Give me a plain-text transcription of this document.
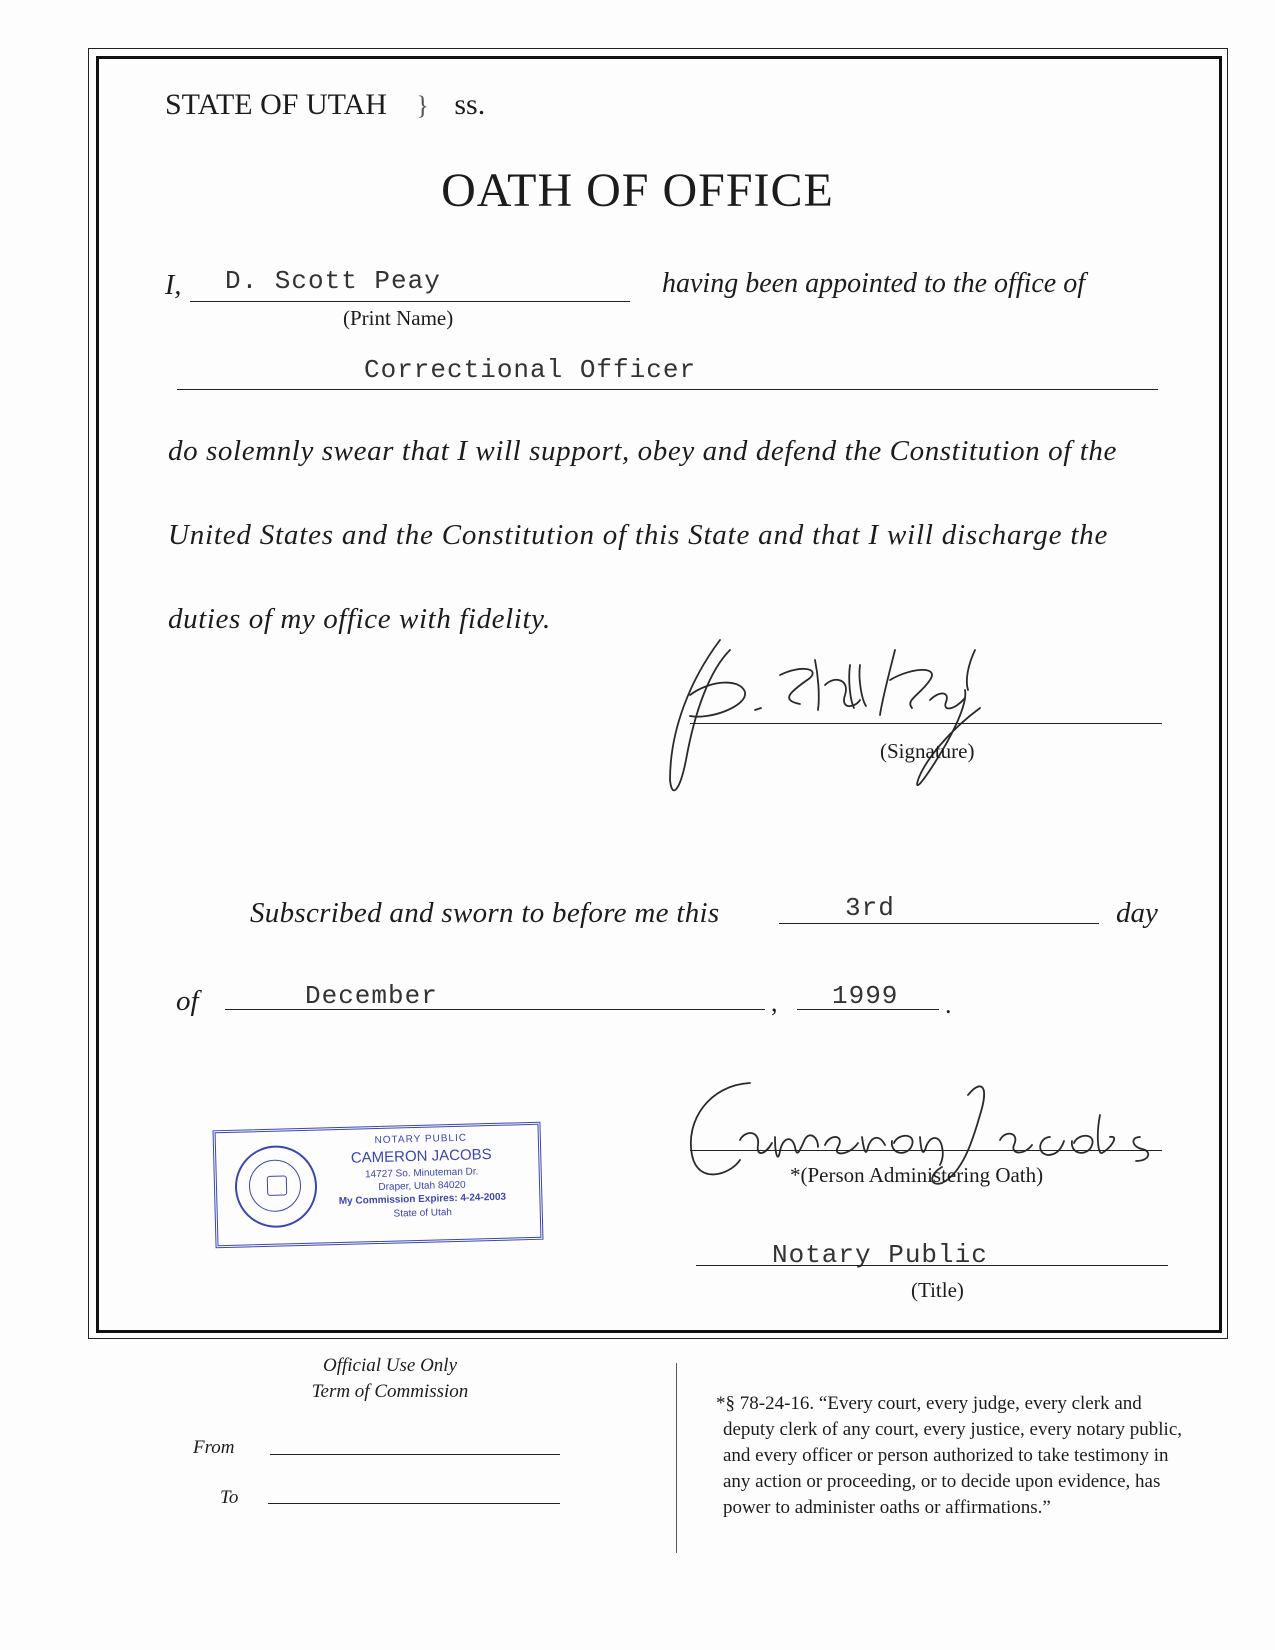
STATE OF UTAH } ss.
OATH OF OFFICE
I, D. Scott Peay
(Print Name)
having been appointed to the office of
Correctional Officer
do solemnly swear that I will support, obey and defend the Constitution of the
United States and the Constitution of this State and that I will discharge the
duties of my office with fidelity.
(Signature)
Subscribed and sworn to before me this	3rd	day
of	December	, 1999 .
*(Person Administering Oath)
Notary Public
(Title)
NOTARY PUBLIC
CAMERON JACOBS
14727 So. Minuteman Dr.
Draper, Utah 84020
My Commission Expires: 4-24-2003
State of Utah
Official Use Only
Term of Commission
From
To
*§ 78-24-16. “Every court, every judge, every clerk and
deputy clerk of any court, every justice, every notary public,
and every officer or person authorized to take testimony in
any action or proceeding, or to decide upon evidence, has
power to administer oaths or affirmations.”
